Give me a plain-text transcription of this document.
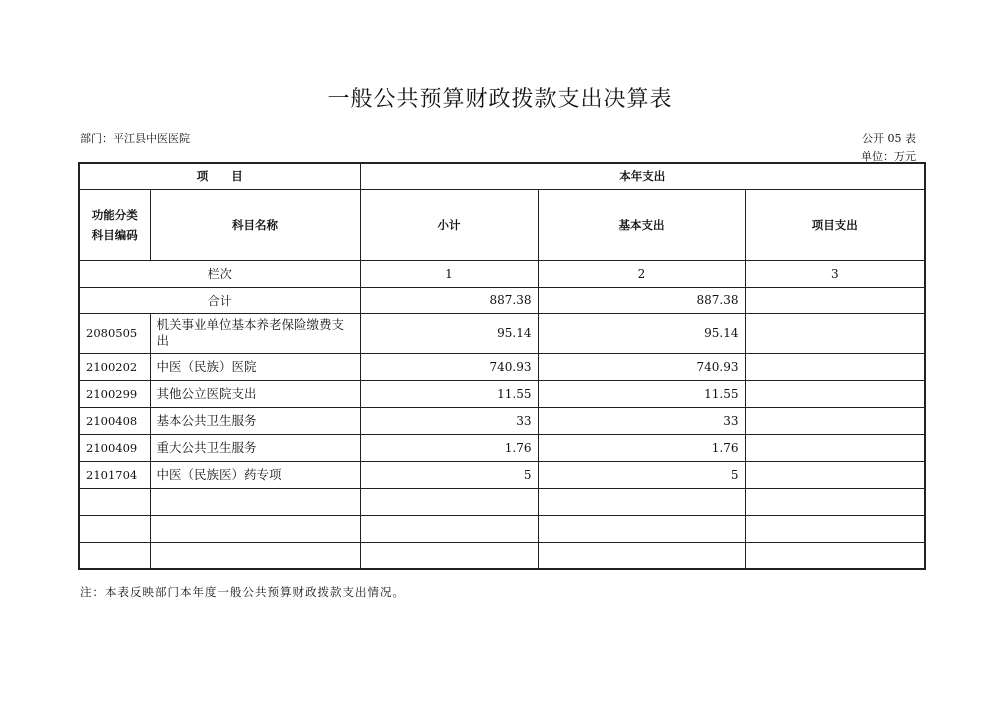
一般公共预算财政拨款支出决算表
部门：平江县中医医院	公开 05 表
单位：万元
项　　目		本年支出		

功能分类
科目编码	科目名称	小计	基本支出	项目支出
栏次		1	2	3
合计		887.38	887.38	
2080505	机关事业单位基本养老保险缴费支出	95.14	95.14	
2100202	中医（民族）医院	740.93	740.93	
2100299	其他公立医院支出	11.55	11.55	
2100408	基本公共卫生服务	33	33	
2100409	重大公共卫生服务	1.76	1.76	
2101704	中医（民族医）药专项	5	5	

注：本表反映部门本年度一般公共预算财政拨款支出情况。
